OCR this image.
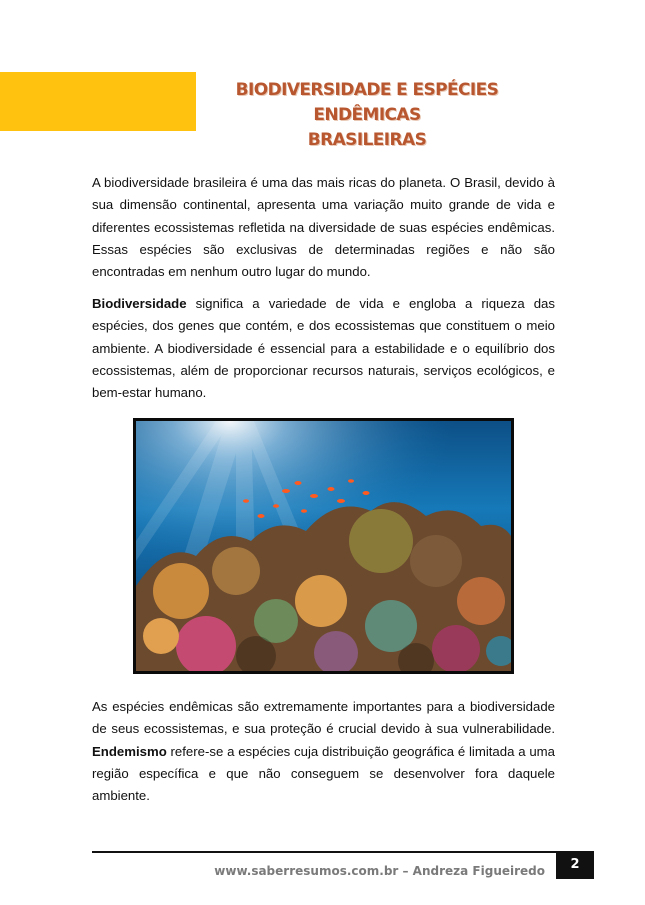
BIODIVERSIDADE E ESPÉCIES ENDÊMICAS
BRASILEIRAS

A biodiversidade brasileira é uma das mais ricas do planeta. O Brasil, devido à sua dimensão continental, apresenta uma variação muito grande de vida e diferentes ecossistemas refletida na diversidade de suas espécies endêmicas. Essas espécies são exclusivas de determinadas regiões e não são encontradas em nenhum outro lugar do mundo.

Biodiversidade significa a variedade de vida e engloba a riqueza das espécies, dos genes que contém, e dos ecossistemas que constituem o meio ambiente. A biodiversidade é essencial para a estabilidade e o equilíbrio dos ecossistemas, além de proporcionar recursos naturais, serviços ecológicos, e bem-estar humano.

As espécies endêmicas são extremamente importantes para a biodiversidade de seus ecossistemas, e sua proteção é crucial devido à sua vulnerabilidade. Endemismo refere-se a espécies cuja distribuição geográfica é limitada a uma região específica e que não conseguem se desenvolver fora daquele ambiente.

www.saberresumos.com.br – Andreza Figueiredo	2
